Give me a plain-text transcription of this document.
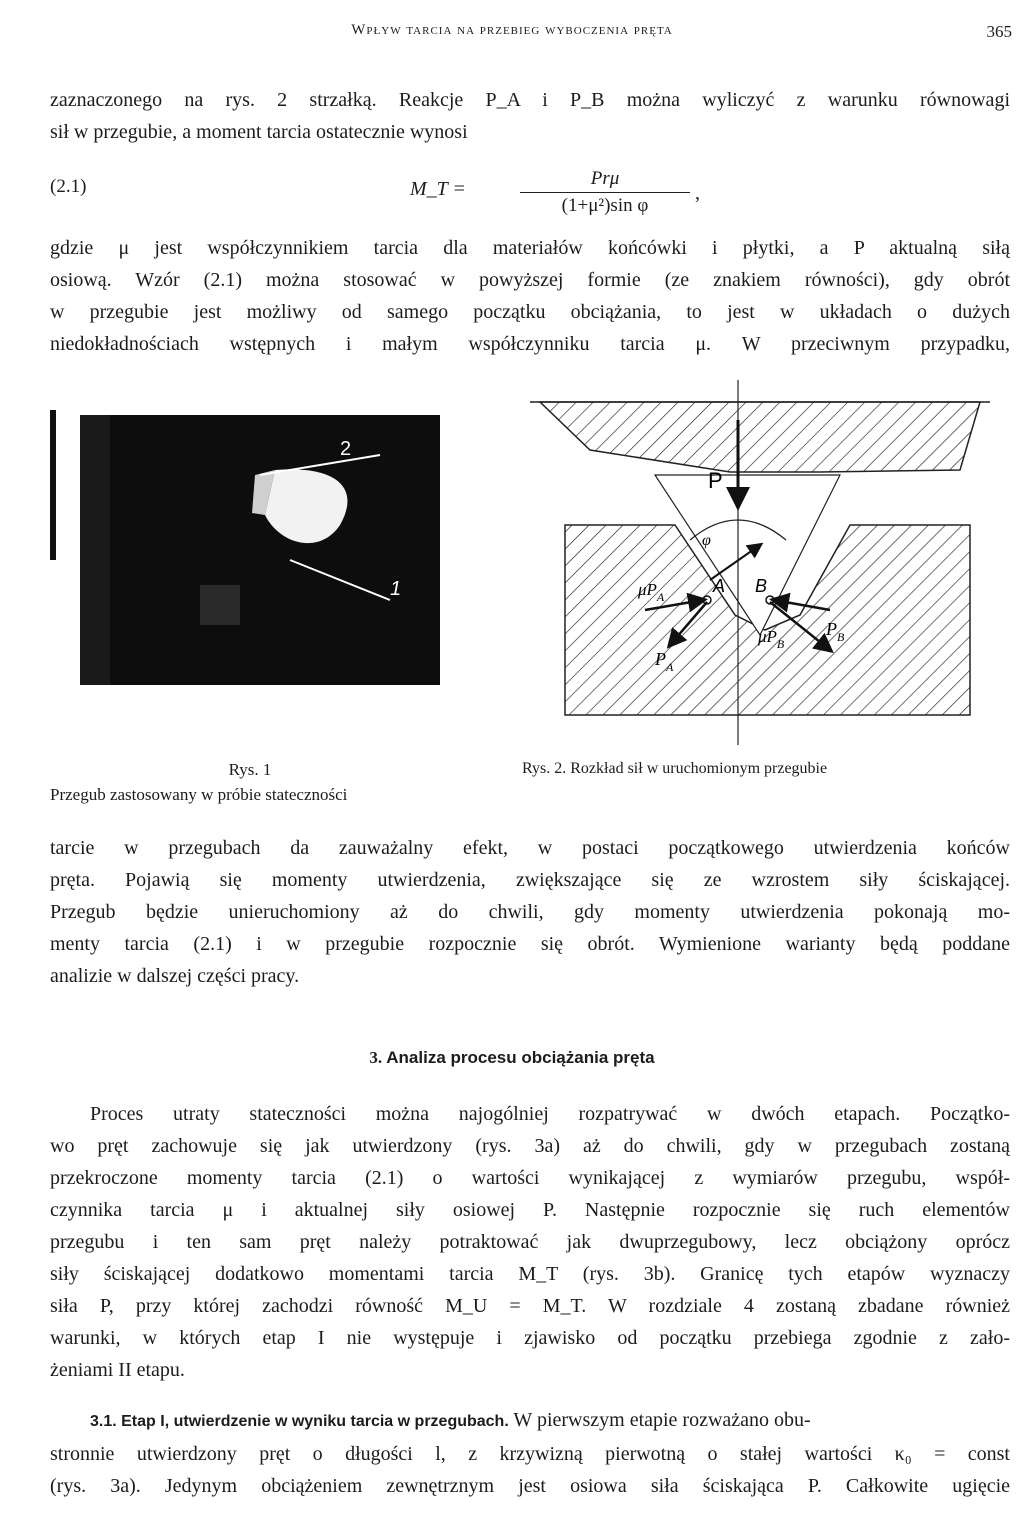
Wpływ tarcia na przebieg wyboczenia pręta	365
zaznaczonego na rys. 2 strzałką. Reakcje P_A i P_B można wyliczyć z warunku równowagi
sił w przegubie, a moment tarcia ostatecznie wynosi
(2.1)	M_T =	Prμ
(1+μ²)sin φ
,
gdzie μ jest współczynnikiem tarcia dla materiałów końcówki i płytki, a P aktualną siłą
osiową. Wzór (2.1) można stosować w powyższej formie (ze znakiem równości), gdy obrót
w przegubie jest możliwy od samego początku obciążania, to jest w układach o dużych
niedokładnościach wstępnych i małym współczynniku tarcia μ. W przeciwnym przypadku,
2
1
Rys. 1
Przegub zastosowany w próbie stateczności
P
φ
A B
$\mu P_A$
$P_A$
$\mu P_B$
$P_B$
Rys. 2. Rozkład sił w uruchomionym przegubie
tarcie w przegubach da zauważalny efekt, w postaci początkowego utwierdzenia końców
pręta. Pojawią się momenty utwierdzenia, zwiększające się ze wzrostem siły ściskającej.
Przegub będzie unieruchomiony aż do chwili, gdy momenty utwierdzenia pokonają mo-
menty tarcia (2.1) i w przegubie rozpocznie się obrót. Wymienione warianty będą poddane
analizie w dalszej części pracy.
3. Analiza procesu obciążania pręta
Proces utraty stateczności można najogólniej rozpatrywać w dwóch etapach. Początko-
wo pręt zachowuje się jak utwierdzony (rys. 3a) aż do chwili, gdy w przegubach zostaną
przekroczone momenty tarcia (2.1) o wartości wynikającej z wymiarów przegubu, współ-
czynnika tarcia μ i aktualnej siły osiowej P. Następnie rozpocznie się ruch elementów
przegubu i ten sam pręt należy potraktować jak dwuprzegubowy, lecz obciążony oprócz
siły ściskającej dodatkowo momentami tarcia M_T (rys. 3b). Granicę tych etapów wyznaczy
siła P, przy której zachodzi równość M_U = M_T. W rozdziale 4 zostaną zbadane również
warunki, w których etap I nie występuje i zjawisko od początku przebiega zgodnie z zało-
żeniami II etapu.
3.1. Etap I, utwierdzenie w wyniku tarcia w przegubach. W pierwszym etapie rozważano obu-
stronnie utwierdzony pręt o długości l, z krzywizną pierwotną o stałej wartości κ₀ = const
(rys. 3a). Jedynym obciążeniem zewnętrznym jest osiowa siła ściskająca P. Całkowite ugięcie
